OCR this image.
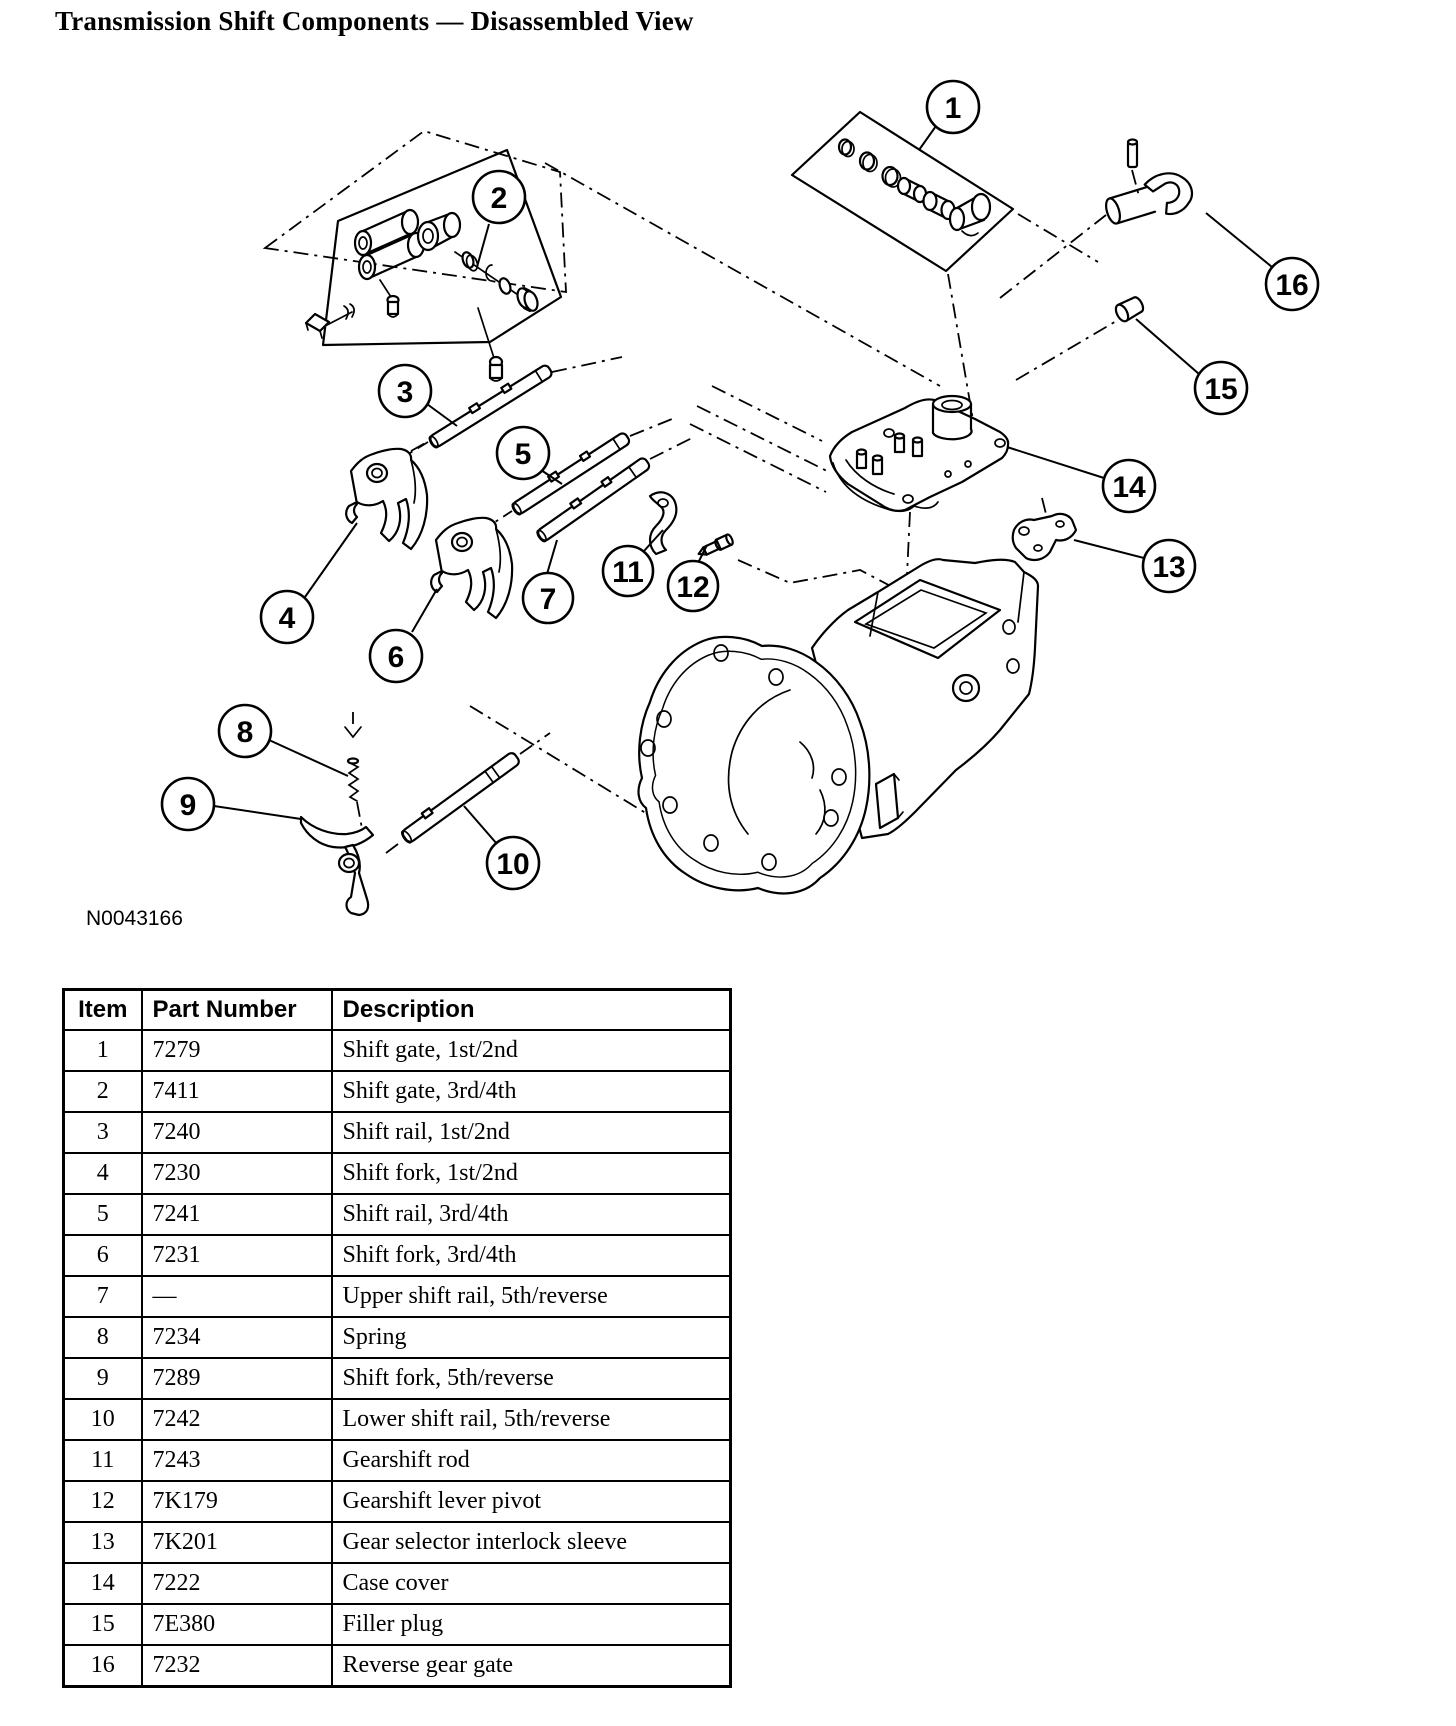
Transmission Shift Components — Disassembled View
1
2
3
4
5
6
7
8
9
10
11 12
13
14
15
16
N0043166
Item	Part Number	Description
1	7279	Shift gate, 1st/2nd
2	7411	Shift gate, 3rd/4th
3	7240	Shift rail, 1st/2nd
4	7230	Shift fork, 1st/2nd
5	7241	Shift rail, 3rd/4th
6	7231	Shift fork, 3rd/4th
7	—	Upper shift rail, 5th/reverse
8	7234	Spring
9	7289	Shift fork, 5th/reverse
10	7242	Lower shift rail, 5th/reverse
11	7243	Gearshift rod
12	7K179	Gearshift lever pivot
13	7K201	Gear selector interlock sleeve
14	7222	Case cover
15	7E380	Filler plug
16	7232	Reverse gear gate
